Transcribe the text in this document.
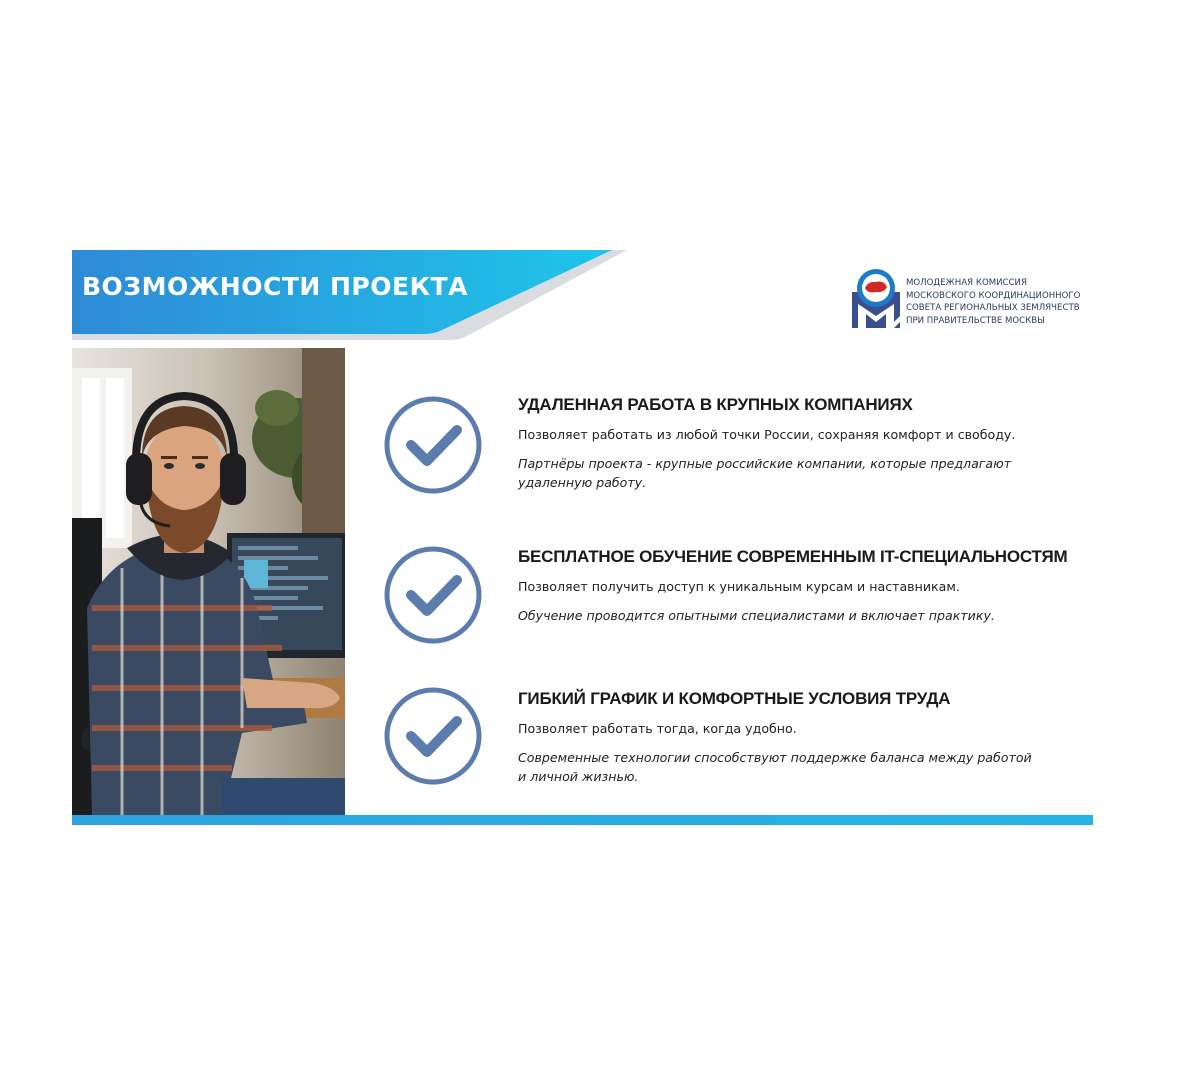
ВОЗМОЖНОСТИ ПРОЕКТА	МОЛОДЕЖНАЯ КОМИССИЯ
МОСКОВСКОГО КООРДИНАЦИОННОГО
СОВЕТА РЕГИОНАЛЬНЫХ ЗЕМЛЯЧЕСТВ
ПРИ ПРАВИТЕЛЬСТВЕ МОСКВЫ
УДАЛЕННАЯ РАБОТА В КРУПНЫХ КОМПАНИЯХ
Позволяет работать из любой точки России, сохраняя комфорт и свободу.
Партнёры проекта - крупные российские компании, которые предлагают удаленную работу.
БЕСПЛАТНОЕ ОБУЧЕНИЕ СОВРЕМЕННЫМ IT-СПЕЦИАЛЬНОСТЯМ
Позволяет получить доступ к уникальным курсам и наставникам.
Обучение проводится опытными специалистами и включает практику.
ГИБКИЙ ГРАФИК И КОМФОРТНЫЕ УСЛОВИЯ ТРУДА
Позволяет работать тогда, когда удобно.
Современные технологии способствуют поддержке баланса между работой и личной жизнью.
